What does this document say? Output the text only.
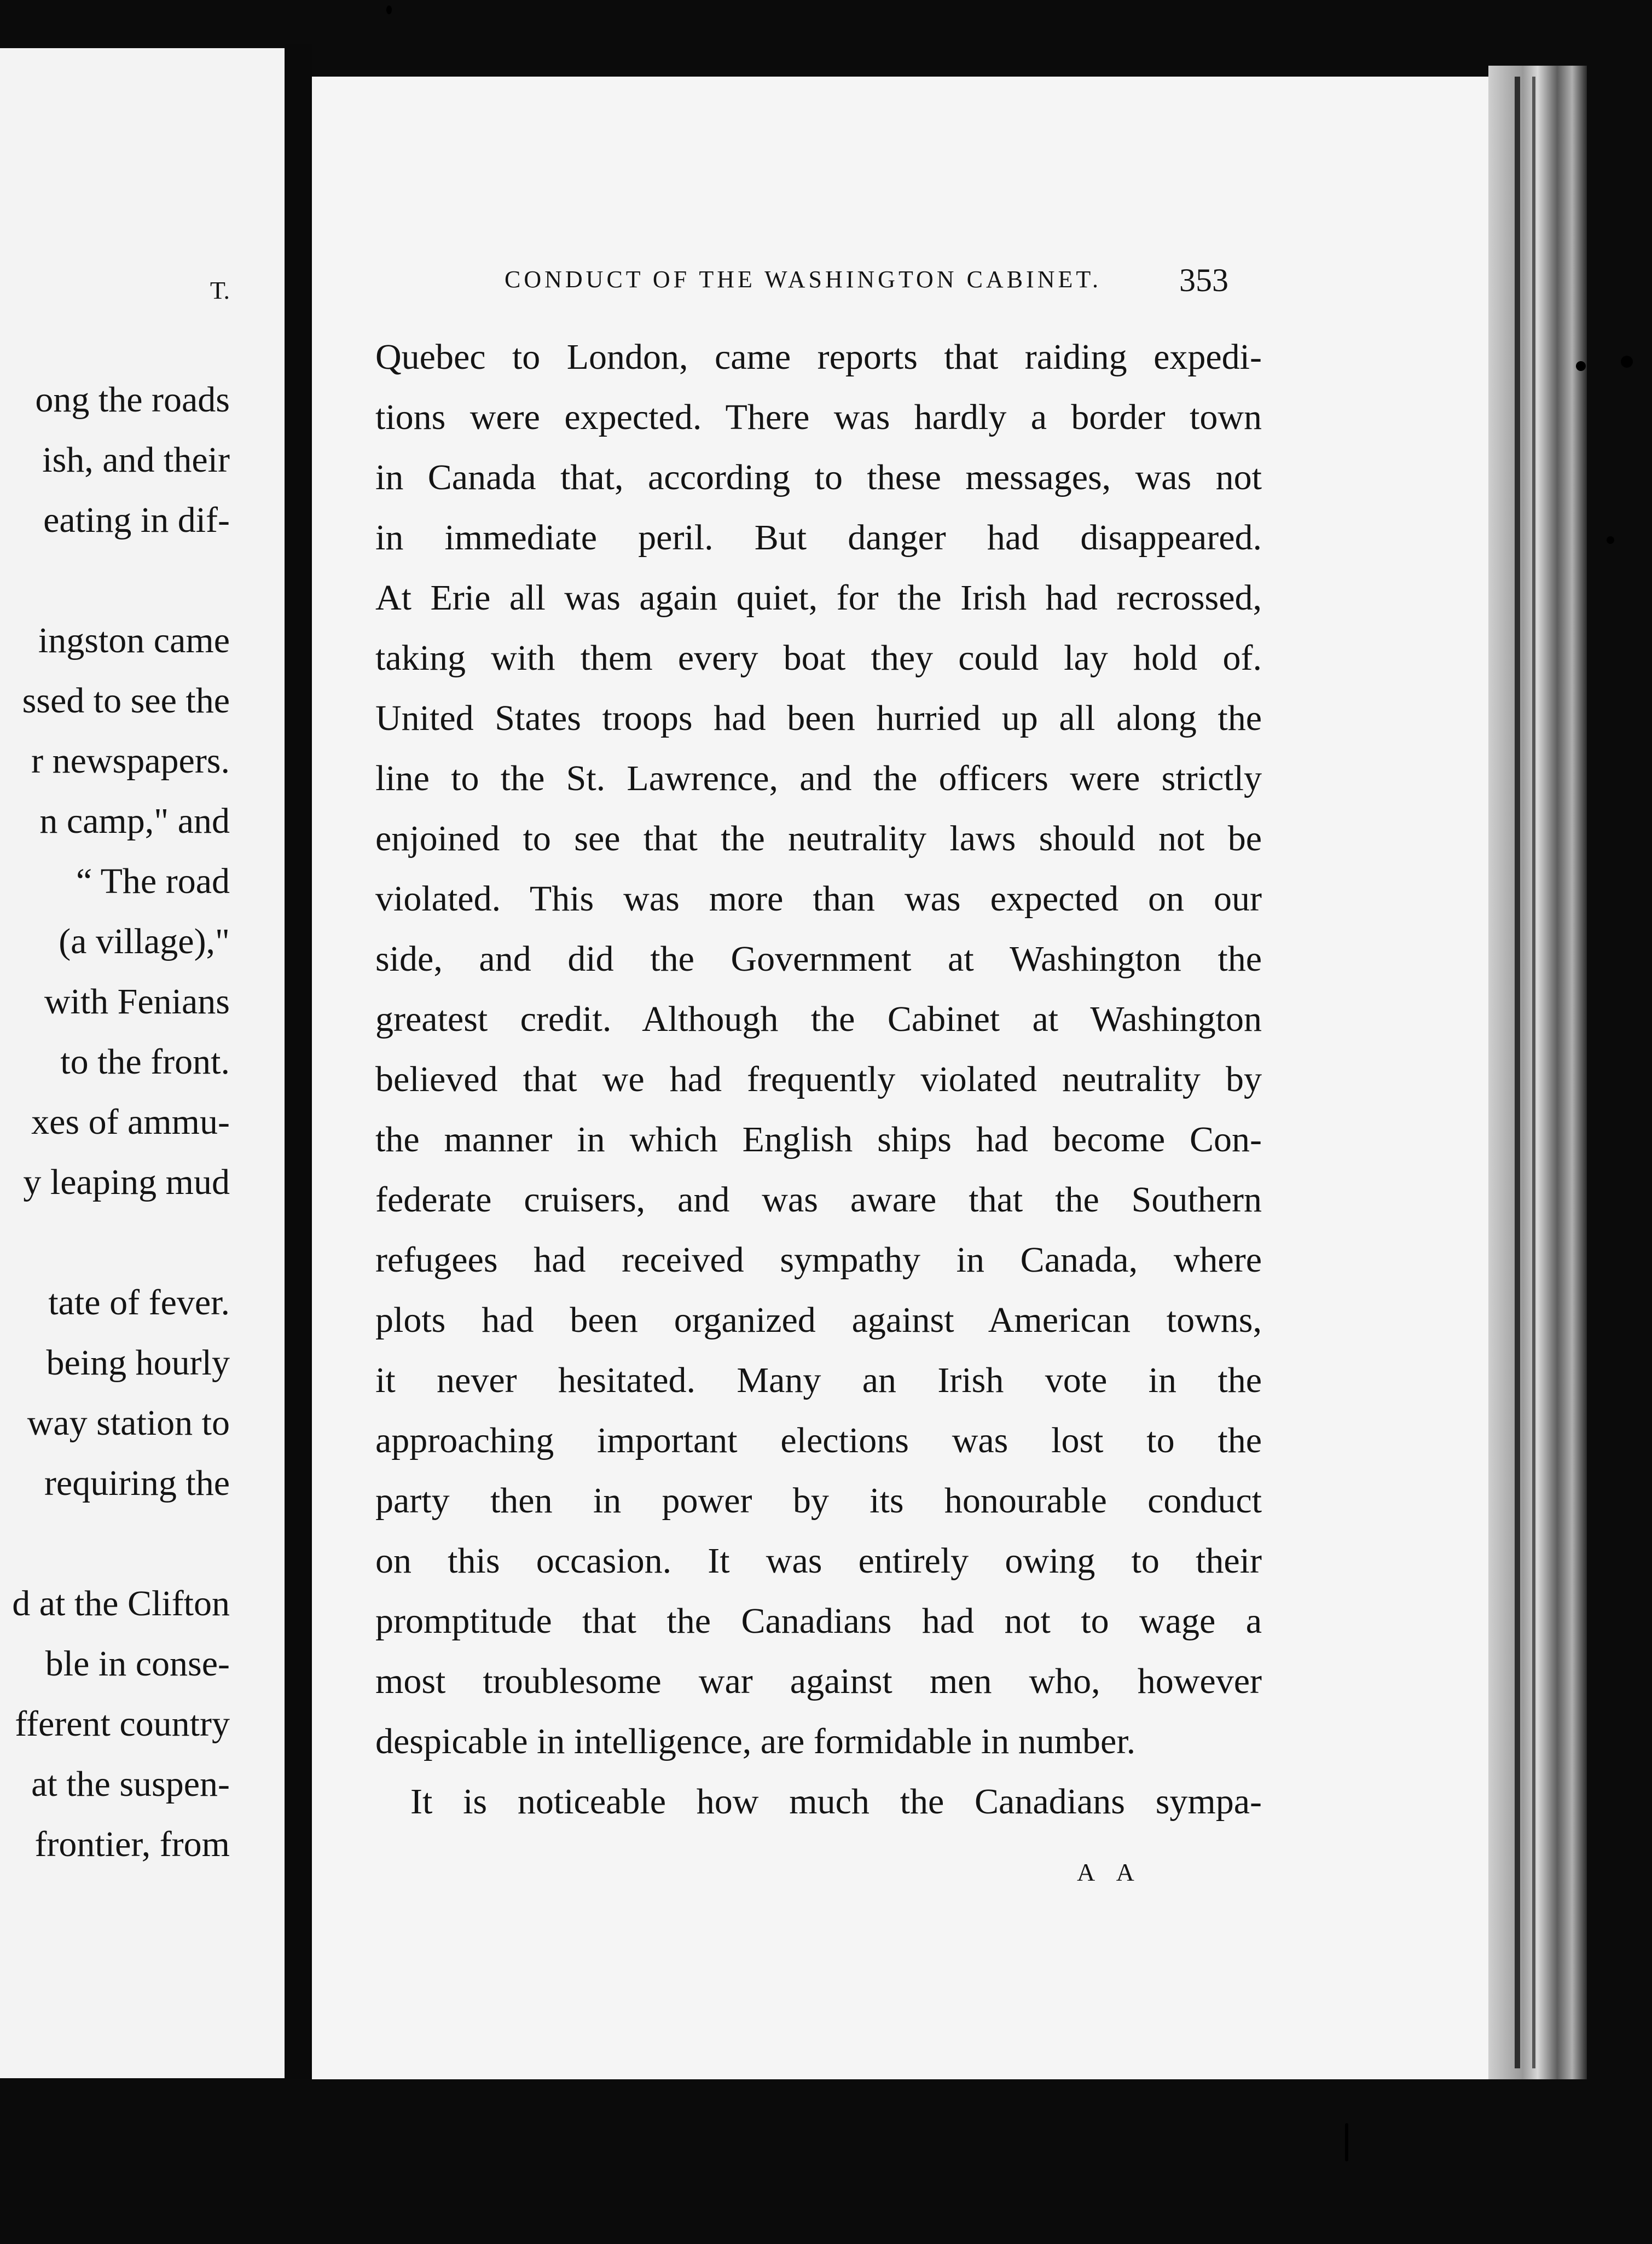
T.
ong the roads
ish, and their
eating in dif-
ingston came
ssed to see the
r newspapers.
n camp," and
“ The road
(a village),"
with Fenians
to the front.
xes of ammu-
y leaping mud
tate of fever.
being hourly
way station to
requiring the
d at the Clifton
ble in conse-
fferent country
at the suspen-
frontier, from
CONDUCT OF THE WASHINGTON CABINET.	353
Quebec to London, came reports that raiding expedi-
tions were expected. There was hardly a border town
in Canada that, according to these messages, was not
in immediate peril. But danger had disappeared.
At Erie all was again quiet, for the Irish had recrossed,
taking with them every boat they could lay hold of.
United States troops had been hurried up all along the
line to the St. Lawrence, and the officers were strictly
enjoined to see that the neutrality laws should not be
violated. This was more than was expected on our
side, and did the Government at Washington the
greatest credit. Although the Cabinet at Washington
believed that we had frequently violated neutrality by
the manner in which English ships had become Con-
federate cruisers, and was aware that the Southern
refugees had received sympathy in Canada, where
plots had been organized against American towns,
it never hesitated. Many an Irish vote in the
approaching important elections was lost to the
party then in power by its honourable conduct
on this occasion. It was entirely owing to their
promptitude that the Canadians had not to wage a
most troublesome war against men who, however
despicable in intelligence, are formidable in number.
It is noticeable how much the Canadians sympa-
A A
